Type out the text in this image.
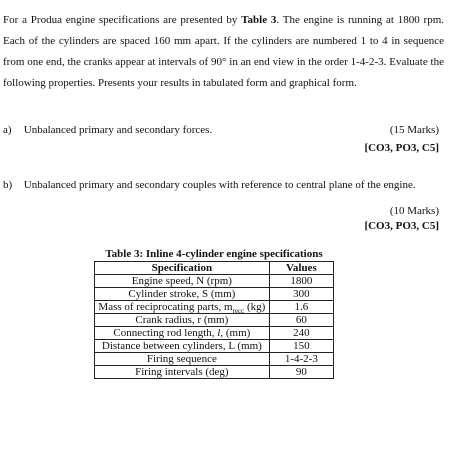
For a Produa engine specifications are presented by Table 3. The engine is running at 1800 rpm. Each of the cylinders are spaced 160 mm apart. If the cylinders are numbered 1 to 4 in sequence from one end, the cranks appear at intervals of 90° in an end view in the order 1-4-2-3. Evaluate the following properties. Presents your results in tabulated form and graphical form.

a) Unbalanced primary and secondary forces.	(15 Marks)
[CO3, PO3, C5]
b) Unbalanced primary and secondary couples with reference to central plane of the engine.
(10 Marks)
[CO3, PO3, C5]
Table 3: Inline 4-cylinder engine specifications
Specification	Values
Engine speed, N (rpm)	1800
Cylinder stroke, S (mm)	300
Mass of reciprocating parts, $m_{recc}$ (kg)	1.6
Crank radius, r (mm)	60
Connecting rod length, l, (mm)	240
Distance between cylinders, L (mm)	150
Firing sequence	1-4-2-3
Firing intervals (deg)	90
